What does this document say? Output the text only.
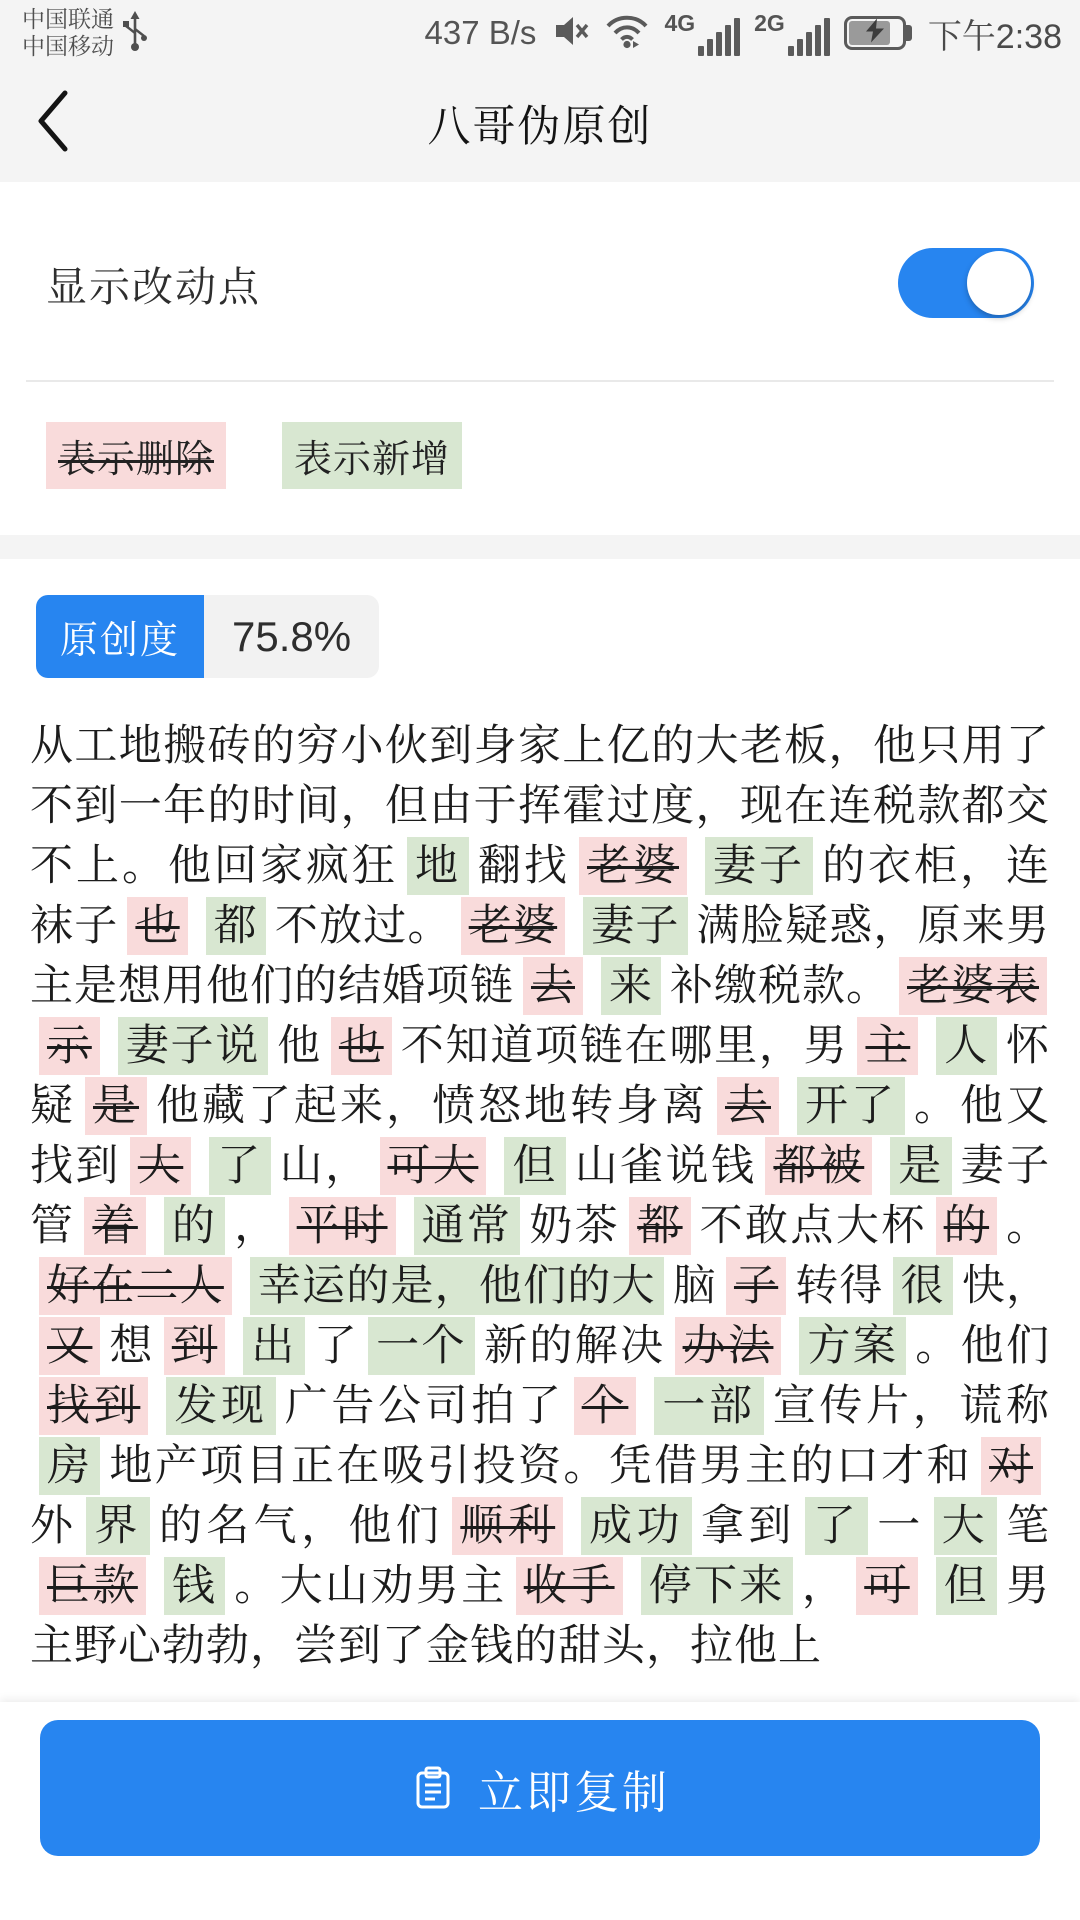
中国联通
中国移动	437 B/s	4G	2G	下午2:38
八哥伪原创
显示改动点
表示删除	表示新增
原创度	75.8%
从工地搬砖的穷小伙到身家上亿的大老板，他只用了不到一年的时间，但由于挥霍过度，现在连税款都交不上。他回家疯狂 地 翻找 老婆 妻子 的衣柜，连袜子 也 都 不放过。 老婆 妻子 满脸疑惑，原来男主是想用他们的结婚项链 去 来 补缴税款。 老婆表示 妻子说 他 也 不知道项链在哪里，男 主 人 怀疑 是 他藏了起来，愤怒地转身离 去 开了 。他又找到 大 了 山， 可大 但 山雀说钱 都被 是 妻子管 着 的 ， 平时 通常 奶茶 都 不敢点大杯 的 。好在二人 幸运的是，他们的大 脑 子 转得 很 快，又 想 到 出 了 一个 新的解决 办法 方案 。他们找到 发现 广告公司拍了 个 一部 宣传片，谎称房 地产项目正在吸引投资。凭借男主的口才和 对外 界 的名气，他们 顺利 成功 拿到 了 一 大 笔巨款 钱 。大山劝男主 收手 停下来 ， 可 但 男主野心勃勃，尝到了金钱的甜头，拉他上
立即复制
